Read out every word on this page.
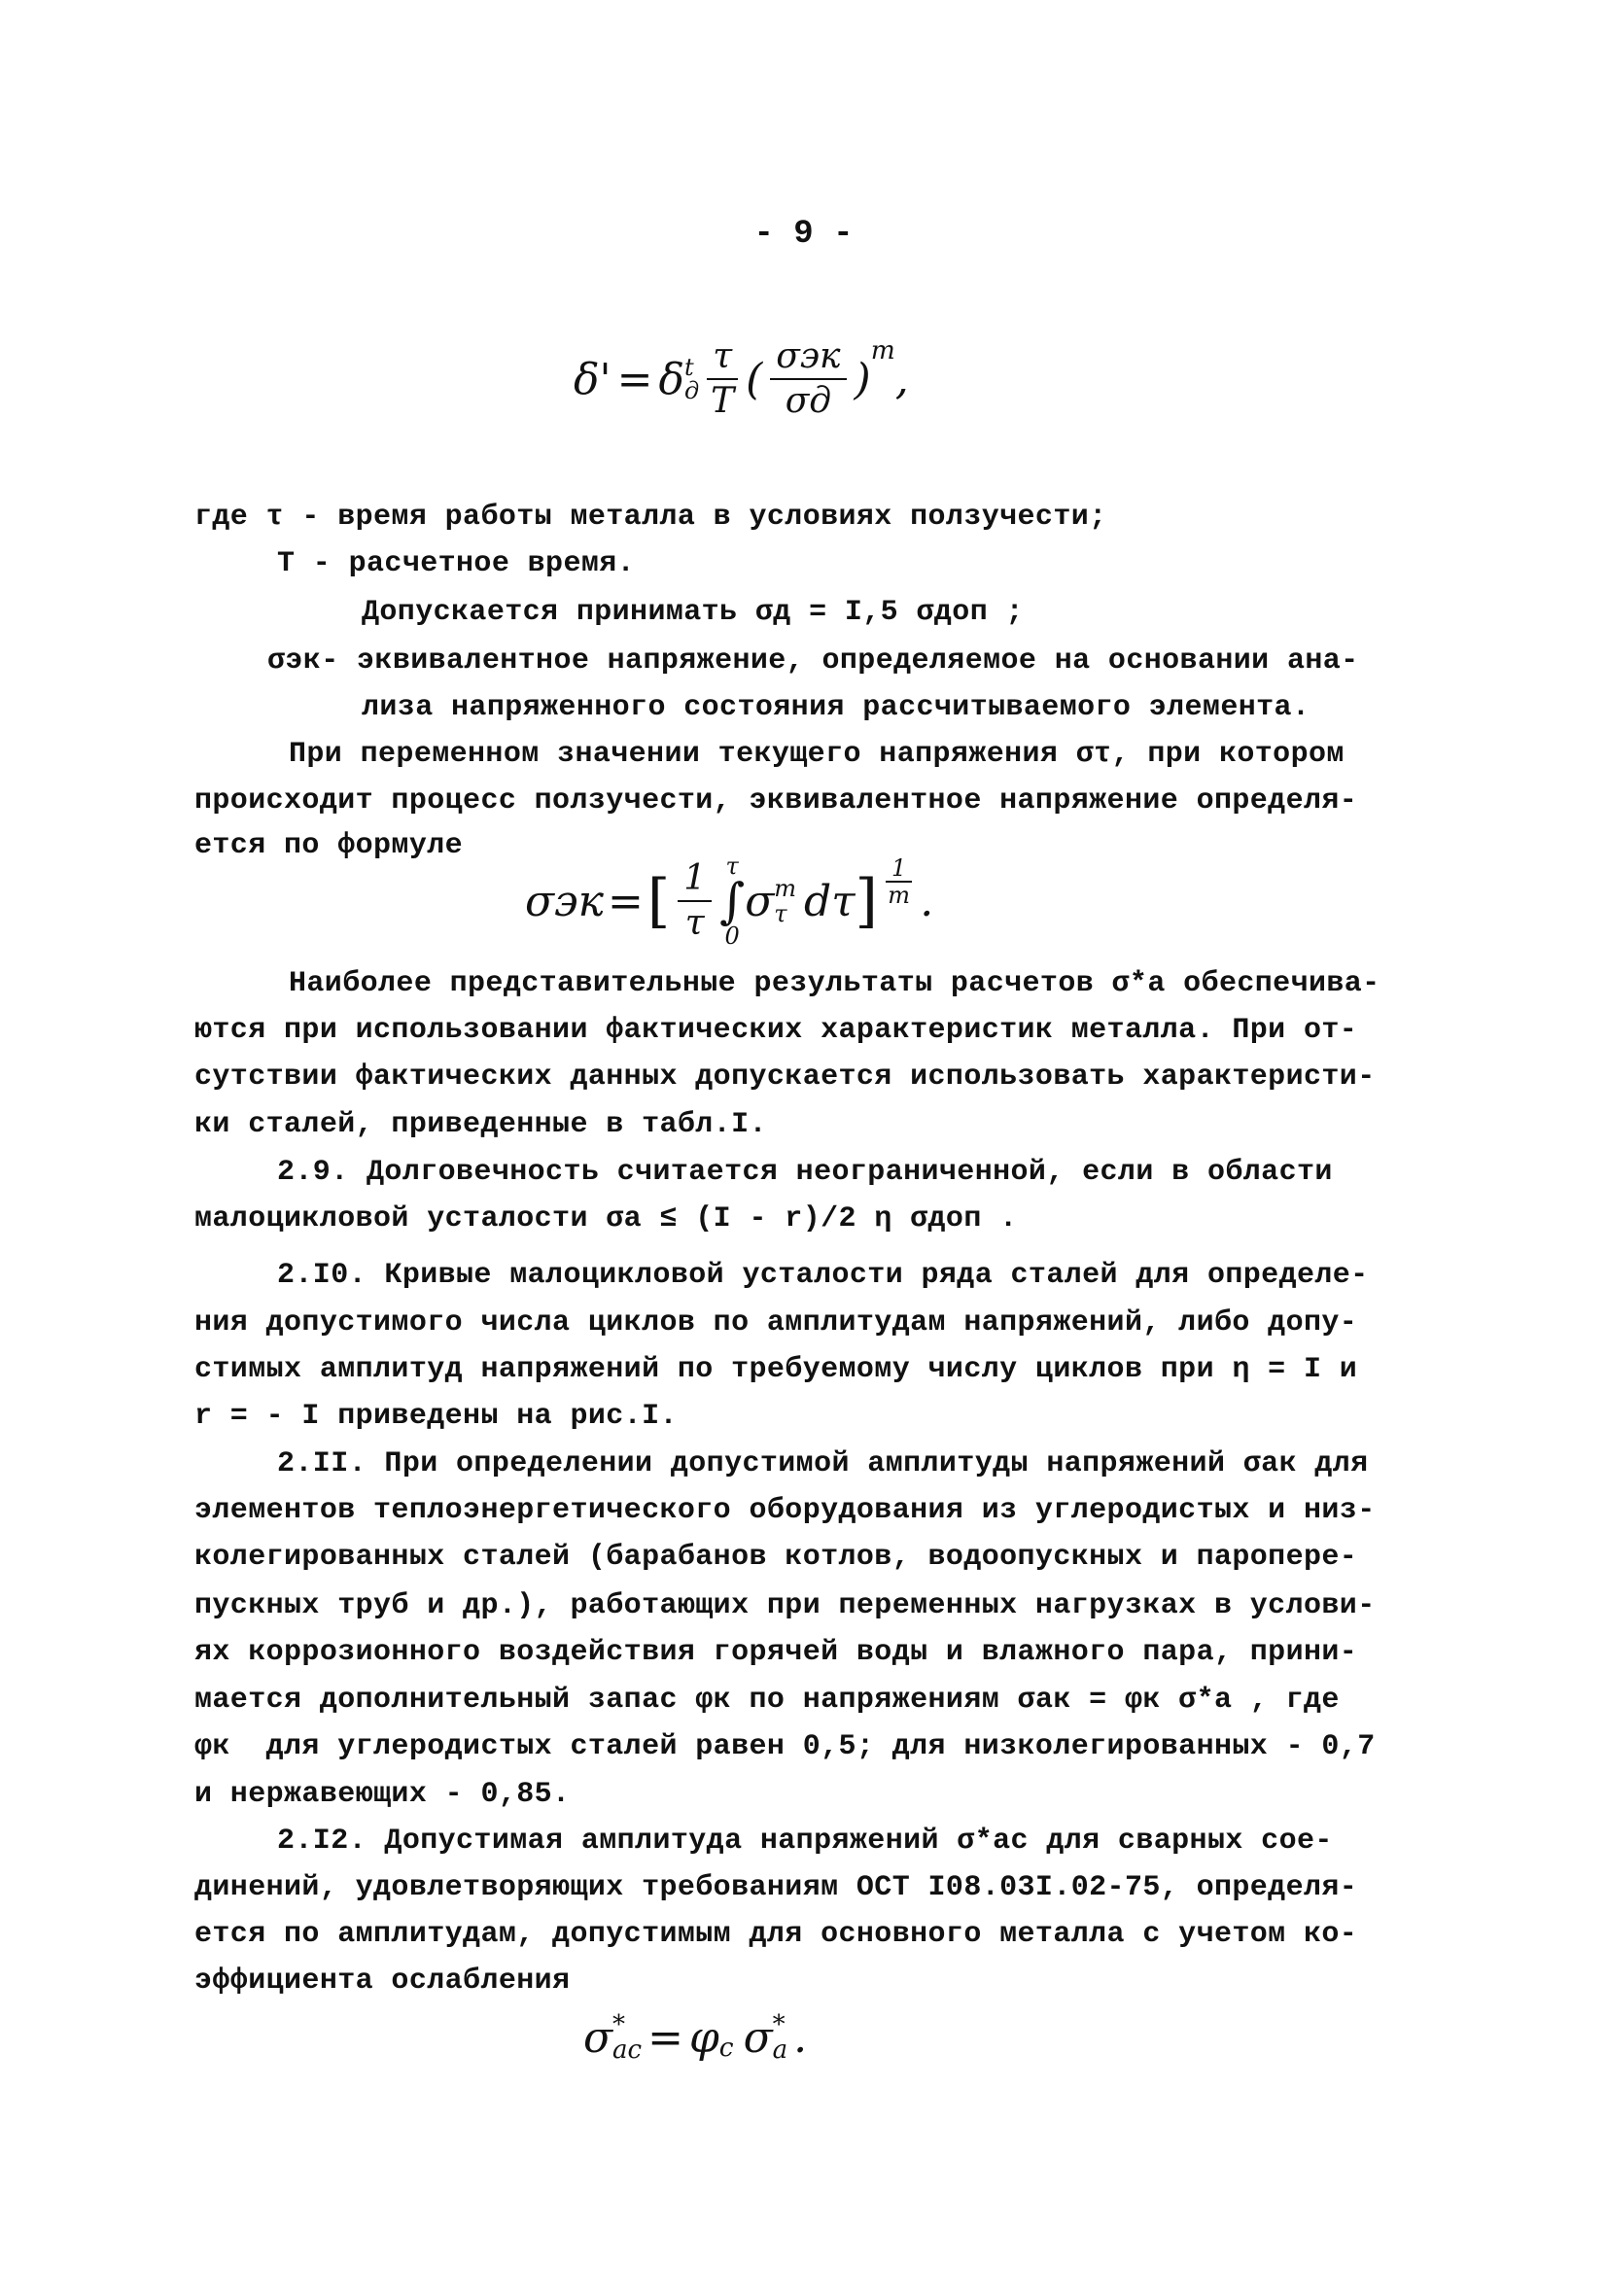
- 9 -
δ' = δ t
д $\frac{\tau}{T}$ ( $\frac{\text{σэк}}{\sigma д}$ )
$^m$
,
где τ - время работы металла в условиях ползучести;
T - расчетное время.
Допускается принимать σд = I,5 σдоп ;
σэк- эквивалентное напряжение, определяемое на основании ана-
лиза напряженного состояния рассчитываемого элемента.
При переменном значении текущего напряжения στ, при котором
происходит процесс ползучести, эквивалентное напряжение определя-
ется по формуле
σэк = [ $\frac{1}{\tau}$ τ
∫
0
σ m
τ dτ ] $\frac{1}{m}$ .
Наиболее представительные результаты расчетов σ*a обеспечива-
ются при использовании фактических характеристик металла. При от-
сутствии фактических данных допускается использовать характеристи-
ки сталей, приведенные в табл.I.
2.9. Долговечность считается неограниченной, если в области
малоцикловой усталости σa ≤ (I - r)/2 η σдоп .
2.I0. Кривые малоцикловой усталости ряда сталей для определе-
ния допустимого числа циклов по амплитудам напряжений, либо допу-
стимых амплитуд напряжений по требуемому числу циклов при η = I и
r = - I приведены на рис.I.
2.II. При определении допустимой амплитуды напряжений σaк для
элементов теплоэнергетического оборудования из углеродистых и низ-
колегированных сталей (барабанов котлов, водоопускных и паропере-
пускных труб и др.), работающих при переменных нагрузках в услови-
ях коррозионного воздействия горячей воды и влажного пара, прини-
мается дополнительный запас φк по напряжениям σaк = φк σ*a , где
φк  для углеродистых сталей равен 0,5; для низколегированных - 0,7
и нержавеющих - 0,85.
2.I2. Допустимая амплитуда напряжений σ*ac для сварных сое-
динений, удовлетворяющих требованиям ОСТ I08.03I.02-75, определя-
ется по амплитудам, допустимым для основного металла с учетом ко-
эффициента ослабления
σ *
ac = $\varphi_c$ σ *
a .
